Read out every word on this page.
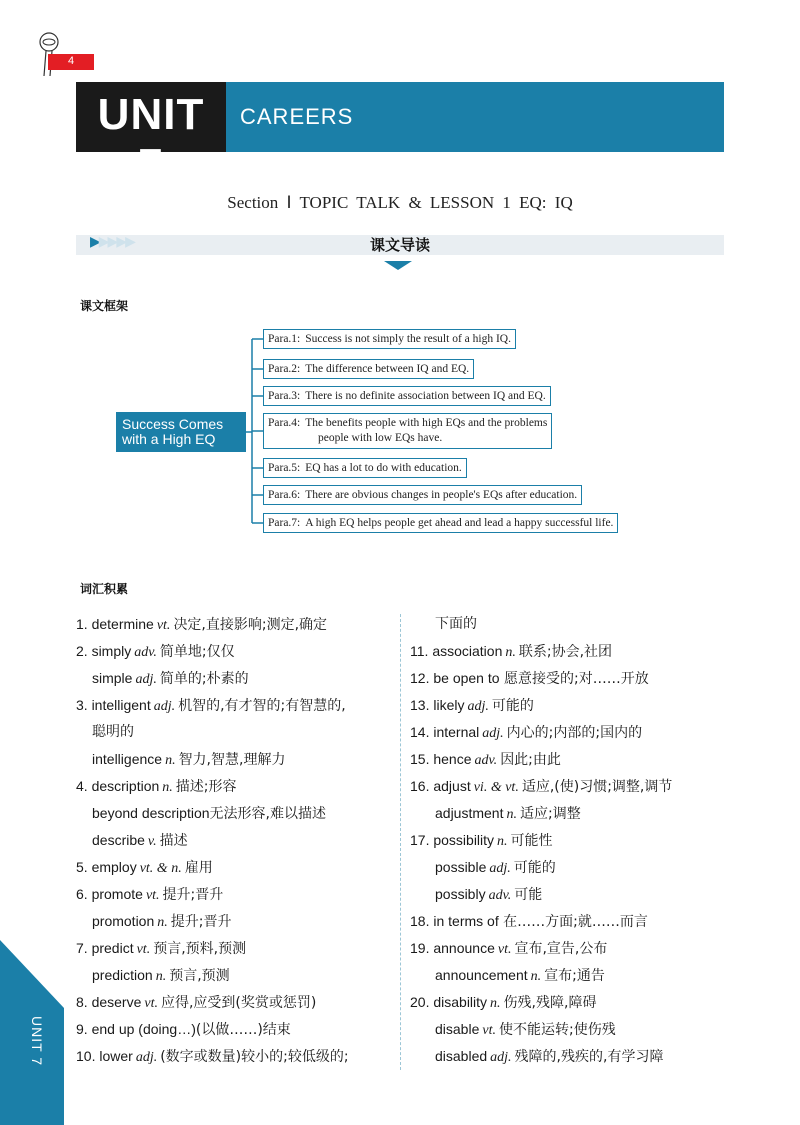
4
UNIT 7
CAREERS
Section Ⅰ TOPIC TALK & LESSON 1 EQ: IQ
▶▶▶▶▶	课文导读
课文框架
Success Comes
with a High EQ
Para.1: Success is not simply the result of a high IQ.
Para.2: The difference between IQ and EQ.
Para.3: There is no definite association between IQ and EQ.
Para.4: The benefits people with high EQs and the problems
people with low EQs have.
Para.5: EQ has a lot to do with education.
Para.6: There are obvious changes in people's EQs after education.
Para.7: A high EQ helps people get ahead and lead a happy successful life.
词汇积累
1. determine vt. 决定,直接影响;测定,确定
2. simply adv. 简单地;仅仅
simple adj. 简单的;朴素的
3. intelligent adj. 机智的,有才智的;有智慧的,
聪明的
intelligence n. 智力,智慧,理解力
4. description n. 描述;形容
beyond description无法形容,难以描述
describe v. 描述
5. employ vt. & n. 雇用
6. promote vt. 提升;晋升
promotion n. 提升;晋升
7. predict vt. 预言,预料,预测
prediction n. 预言,预测
8. deserve vt. 应得,应受到(奖赏或惩罚)
9. end up (doing…)(以做……)结束
10. lower adj. (数字或数量)较小的;较低级的;
下面的
11. association n. 联系;协会,社团
12. be open to 愿意接受的;对……开放
13. likely adj. 可能的
14. internal adj. 内心的;内部的;国内的
15. hence adv. 因此;由此
16. adjust vi. & vt. 适应,(使)习惯;调整,调节
adjustment n. 适应;调整
17. possibility n. 可能性
possible adj. 可能的
possibly adv. 可能
18. in terms of 在……方面;就……而言
19. announce vt. 宣布,宣告,公布
announcement n. 宣布;通告
20. disability n. 伤残,残障,障碍
disable vt. 使不能运转;使伤残
disabled adj. 残障的,残疾的,有学习障
UNIT 7
